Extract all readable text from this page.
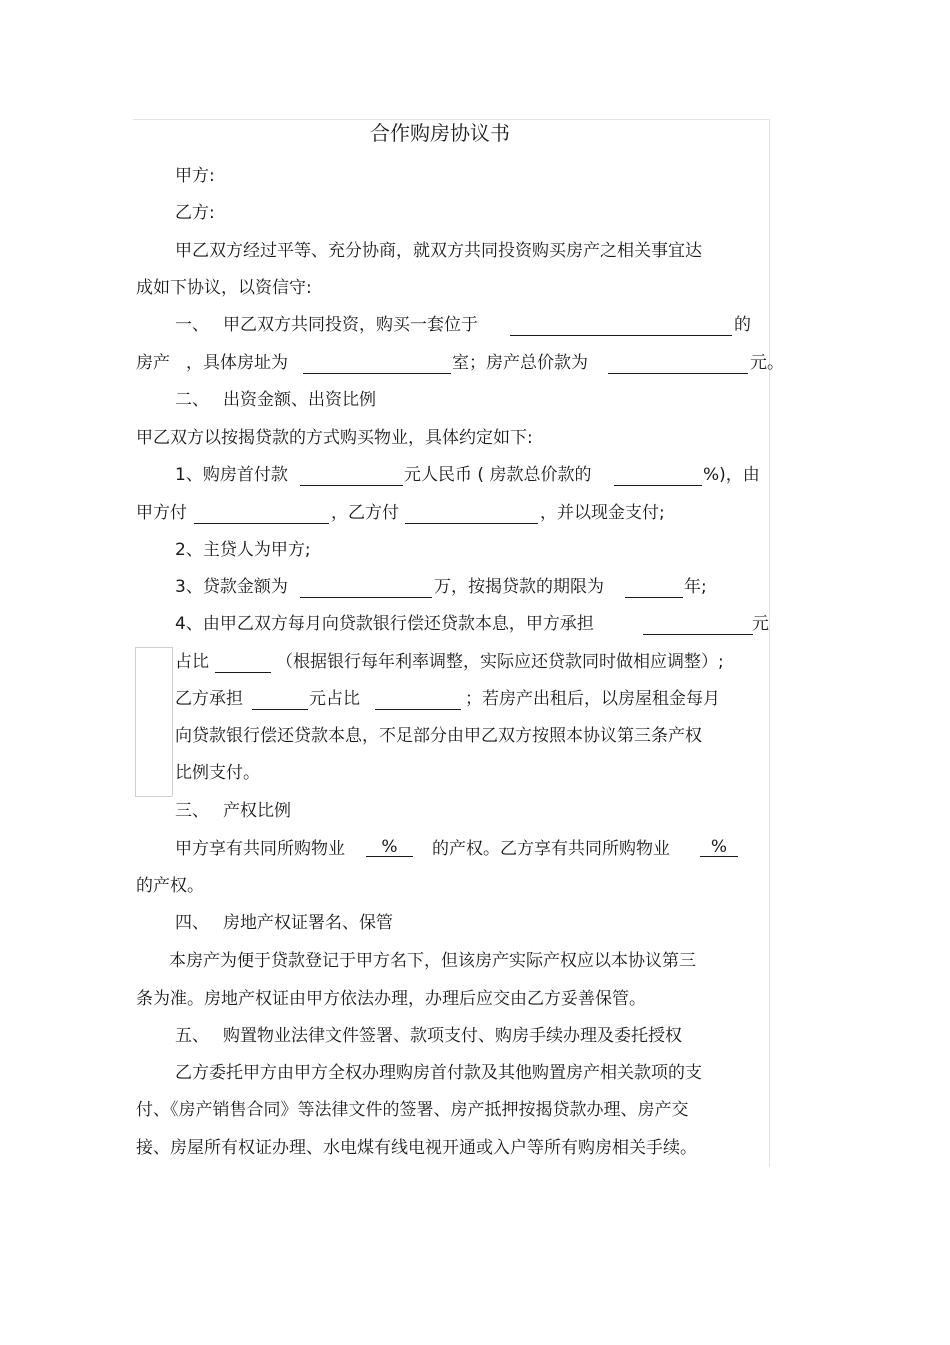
合作购房协议书
甲方:
乙方:
甲乙双方经过平等、充分协商，就双方共同投资购买房产之相关事宜达
成如下协议，以资信守:
一、 甲乙双方共同投资，购买一套位于	的
房产 ，具体房址为	室；房产总价款为	元。
二、 出资金额、出资比例
甲乙双方以按揭贷款的方式购买物业，具体约定如下:
1、购房首付款	元人民币 ( 房款总价款的	%)，由
甲方付	，乙方付	，并以现金支付;
2、主贷人为甲方;
3、贷款金额为	万，按揭贷款的期限为	年;
4、由甲乙双方每月向贷款银行偿还贷款本息，甲方承担	元
占比	（根据银行每年利率调整，实际应还贷款同时做相应调整）;
乙方承担	元占比	；若房产出租后，以房屋租金每月
向贷款银行偿还贷款本息，不足部分由甲乙双方按照本协议第三条产权
比例支付。
三、 产权比例
甲方享有共同所购物业	%	的产权。乙方享有共同所购物业	%
的产权。
四、 房地产权证署名、保管
本房产为便于贷款登记于甲方名下，但该房产实际产权应以本协议第三
条为准。房地产权证由甲方依法办理，办理后应交由乙方妥善保管。
五、 购置物业法律文件签署、款项支付、购房手续办理及委托授权
乙方委托甲方由甲方全权办理购房首付款及其他购置房产相关款项的支
付、《房产销售合同》等法律文件的签署、房产抵押按揭贷款办理、房产交
接、房屋所有权证办理、水电煤有线电视开通或入户等所有购房相关手续。
